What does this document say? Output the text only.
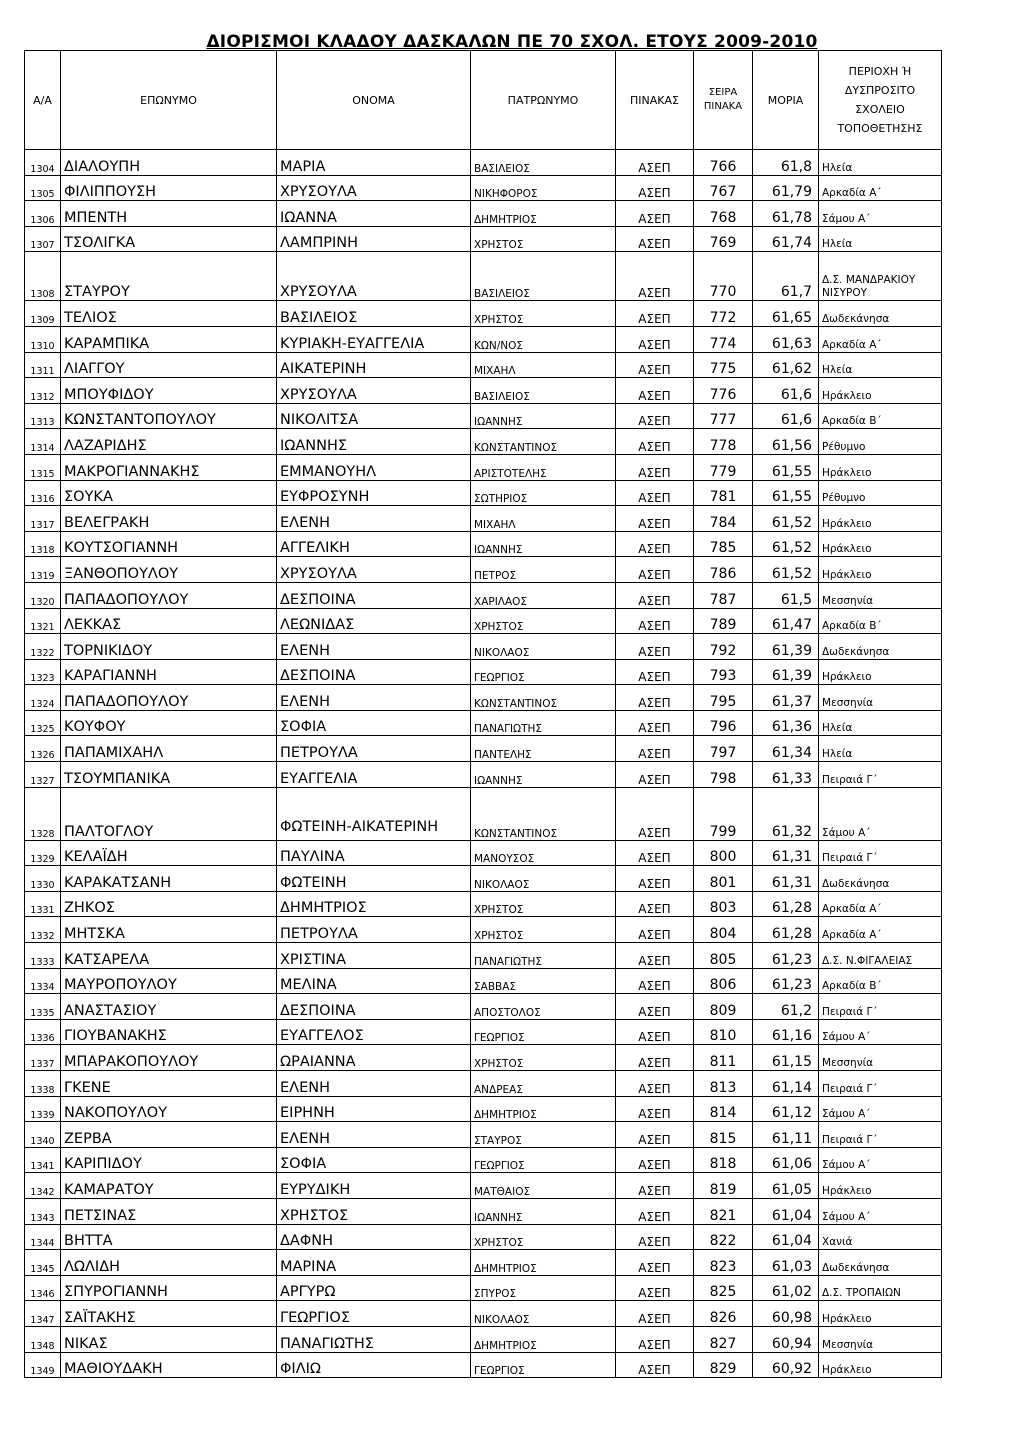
ΔΙΟΡΙΣΜΟΙ ΚΛΑΔΟΥ ΔΑΣΚΑΛΩΝ ΠΕ 70 ΣΧΟΛ. ΕΤΟΥΣ 2009-2010
Α/Α	ΕΠΩΝΥΜΟ	ΟΝΟΜΑ	ΠΑΤΡΩΝΥΜΟ	ΠΙΝΑΚΑΣ	ΣΕΙΡΑ ΠΙΝΑΚΑ	ΜΟΡΙΑ	ΠΕΡΙΟΧΗ Ή ΔΥΣΠΡΟΣΙΤΟ ΣΧΟΛΕΙΟ ΤΟΠΟΘΕΤΗΣΗΣ
1304	ΔΙΑΛΟΥΠΗ	ΜΑΡΙΑ	ΒΑΣΙΛΕΙΟΣ	ΑΣΕΠ	766	61,8	Ηλεία
1305	ΦΙΛΙΠΠΟΥΣΗ	ΧΡΥΣΟΥΛΑ	ΝΙΚΗΦΟΡΟΣ	ΑΣΕΠ	767	61,79	Αρκαδία Α΄
1306	ΜΠΕΝΤΗ	ΙΩΑΝΝΑ	ΔΗΜΗΤΡΙΟΣ	ΑΣΕΠ	768	61,78	Σάμου Α΄
1307	ΤΣΟΛΙΓΚΑ	ΛΑΜΠΡΙΝΗ	ΧΡΗΣΤΟΣ	ΑΣΕΠ	769	61,74	Ηλεία
1308	ΣΤΑΥΡΟΥ	ΧΡΥΣΟΥΛΑ	ΒΑΣΙΛΕΙΟΣ	ΑΣΕΠ	770	61,7	Δ.Σ. ΜΑΝΔΡΑΚΙΟΥ ΝΙΣΥΡΟΥ
1309	ΤΕΛΙΟΣ	ΒΑΣΙΛΕΙΟΣ	ΧΡΗΣΤΟΣ	ΑΣΕΠ	772	61,65	Δωδεκάνησα
1310	ΚΑΡΑΜΠΙΚΑ	ΚΥΡΙΑΚΗ-ΕΥΑΓΓΕΛΙΑ	ΚΩΝ/ΝΟΣ	ΑΣΕΠ	774	61,63	Αρκαδία Α΄
1311	ΛΙΑΓΓΟΥ	ΑΙΚΑΤΕΡΙΝΗ	ΜΙΧΑΗΛ	ΑΣΕΠ	775	61,62	Ηλεία
1312	ΜΠΟΥΦΙΔΟΥ	ΧΡΥΣΟΥΛΑ	ΒΑΣΙΛΕΙΟΣ	ΑΣΕΠ	776	61,6	Ηράκλειο
1313	ΚΩΝΣΤΑΝΤΟΠΟΥΛΟΥ	ΝΙΚΟΛΙΤΣΑ	ΙΩΑΝΝΗΣ	ΑΣΕΠ	777	61,6	Αρκαδία Β΄
1314	ΛΑΖΑΡΙΔΗΣ	ΙΩΑΝΝΗΣ	ΚΩΝΣΤΑΝΤΙΝΟΣ	ΑΣΕΠ	778	61,56	Ρέθυμνο
1315	ΜΑΚΡΟΓΙΑΝΝΑΚΗΣ	ΕΜΜΑΝΟΥΗΛ	ΑΡΙΣΤΟΤΕΛΗΣ	ΑΣΕΠ	779	61,55	Ηράκλειο
1316	ΣΟΥΚΑ	ΕΥΦΡΟΣΥΝΗ	ΣΩΤΗΡΙΟΣ	ΑΣΕΠ	781	61,55	Ρέθυμνο
1317	ΒΕΛΕΓΡΑΚΗ	ΕΛΕΝΗ	ΜΙΧΑΗΛ	ΑΣΕΠ	784	61,52	Ηράκλειο
1318	ΚΟΥΤΣΟΓΙΑΝΝΗ	ΑΓΓΕΛΙΚΗ	ΙΩΑΝΝΗΣ	ΑΣΕΠ	785	61,52	Ηράκλειο
1319	ΞΑΝΘΟΠΟΥΛΟΥ	ΧΡΥΣΟΥΛΑ	ΠΕΤΡΟΣ	ΑΣΕΠ	786	61,52	Ηράκλειο
1320	ΠΑΠΑΔΟΠΟΥΛΟΥ	ΔΕΣΠΟΙΝΑ	ΧΑΡΙΛΑΟΣ	ΑΣΕΠ	787	61,5	Μεσσηνία
1321	ΛΕΚΚΑΣ	ΛΕΩΝΙΔΑΣ	ΧΡΗΣΤΟΣ	ΑΣΕΠ	789	61,47	Αρκαδία Β΄
1322	ΤΟΡΝΙΚΙΔΟΥ	ΕΛΕΝΗ	ΝΙΚΟΛΑΟΣ	ΑΣΕΠ	792	61,39	Δωδεκάνησα
1323	ΚΑΡΑΓΙΑΝΝΗ	ΔΕΣΠΟΙΝΑ	ΓΕΩΡΓΙΟΣ	ΑΣΕΠ	793	61,39	Ηράκλειο
1324	ΠΑΠΑΔΟΠΟΥΛΟΥ	ΕΛΕΝΗ	ΚΩΝΣΤΑΝΤΙΝΟΣ	ΑΣΕΠ	795	61,37	Μεσσηνία
1325	ΚΟΥΦΟΥ	ΣΟΦΙΑ	ΠΑΝΑΓΙΩΤΗΣ	ΑΣΕΠ	796	61,36	Ηλεία
1326	ΠΑΠΑΜΙΧΑΗΛ	ΠΕΤΡΟΥΛΑ	ΠΑΝΤΕΛΗΣ	ΑΣΕΠ	797	61,34	Ηλεία
1327	ΤΣΟΥΜΠΑΝΙΚΑ	ΕΥΑΓΓΕΛΙΑ	ΙΩΑΝΝΗΣ	ΑΣΕΠ	798	61,33	Πειραιά Γ΄
1328	ΠΑΛΤΟΓΛΟΥ	ΦΩΤΕΙΝΗ-ΑΙΚΑΤΕΡΙΝΗ	ΚΩΝΣΤΑΝΤΙΝΟΣ	ΑΣΕΠ	799	61,32	Σάμου Α΄
1329	ΚΕΛΑΪΔΗ	ΠΑΥΛΙΝΑ	ΜΑΝΟΥΣΟΣ	ΑΣΕΠ	800	61,31	Πειραιά Γ΄
1330	ΚΑΡΑΚΑΤΣΑΝΗ	ΦΩΤΕΙΝΗ	ΝΙΚΟΛΑΟΣ	ΑΣΕΠ	801	61,31	Δωδεκάνησα
1331	ΖΗΚΟΣ	ΔΗΜΗΤΡΙΟΣ	ΧΡΗΣΤΟΣ	ΑΣΕΠ	803	61,28	Αρκαδία Α΄
1332	ΜΗΤΣΚΑ	ΠΕΤΡΟΥΛΑ	ΧΡΗΣΤΟΣ	ΑΣΕΠ	804	61,28	Αρκαδία Α΄
1333	ΚΑΤΣΑΡΕΛΑ	ΧΡΙΣΤΙΝΑ	ΠΑΝΑΓΙΩΤΗΣ	ΑΣΕΠ	805	61,23	Δ.Σ. Ν.ΦΙΓΑΛΕΙΑΣ
1334	ΜΑΥΡΟΠΟΥΛΟΥ	ΜΕΛΙΝΑ	ΣΑΒΒΑΣ	ΑΣΕΠ	806	61,23	Αρκαδία Β΄
1335	ΑΝΑΣΤΑΣΙΟΥ	ΔΕΣΠΟΙΝΑ	ΑΠΟΣΤΟΛΟΣ	ΑΣΕΠ	809	61,2	Πειραιά Γ΄
1336	ΓΙΟΥΒΑΝΑΚΗΣ	ΕΥΑΓΓΕΛΟΣ	ΓΕΩΡΓΙΟΣ	ΑΣΕΠ	810	61,16	Σάμου Α΄
1337	ΜΠΑΡΑΚΟΠΟΥΛΟΥ	ΩΡΑΙΑΝΝΑ	ΧΡΗΣΤΟΣ	ΑΣΕΠ	811	61,15	Μεσσηνία
1338	ΓΚΕΝΕ	ΕΛΕΝΗ	ΑΝΔΡΕΑΣ	ΑΣΕΠ	813	61,14	Πειραιά Γ΄
1339	ΝΑΚΟΠΟΥΛΟΥ	ΕΙΡΗΝΗ	ΔΗΜΗΤΡΙΟΣ	ΑΣΕΠ	814	61,12	Σάμου Α΄
1340	ΖΕΡΒΑ	ΕΛΕΝΗ	ΣΤΑΥΡΟΣ	ΑΣΕΠ	815	61,11	Πειραιά Γ΄
1341	ΚΑΡΙΠΙΔΟΥ	ΣΟΦΙΑ	ΓΕΩΡΓΙΟΣ	ΑΣΕΠ	818	61,06	Σάμου Α΄
1342	ΚΑΜΑΡΑΤΟΥ	ΕΥΡΥΔΙΚΗ	ΜΑΤΘΑΙΟΣ	ΑΣΕΠ	819	61,05	Ηράκλειο
1343	ΠΕΤΣΙΝΑΣ	ΧΡΗΣΤΟΣ	ΙΩΑΝΝΗΣ	ΑΣΕΠ	821	61,04	Σάμου Α΄
1344	ΒΗΤΤΑ	ΔΑΦΝΗ	ΧΡΗΣΤΟΣ	ΑΣΕΠ	822	61,04	Χανιά
1345	ΛΩΛΙΔΗ	ΜΑΡΙΝΑ	ΔΗΜΗΤΡΙΟΣ	ΑΣΕΠ	823	61,03	Δωδεκάνησα
1346	ΣΠΥΡΟΓΙΑΝΝΗ	ΑΡΓΥΡΩ	ΣΠΥΡΟΣ	ΑΣΕΠ	825	61,02	Δ.Σ. ΤΡΟΠΑΙΩΝ
1347	ΣΑΪΤΑΚΗΣ	ΓΕΩΡΓΙΟΣ	ΝΙΚΟΛΑΟΣ	ΑΣΕΠ	826	60,98	Ηράκλειο
1348	ΝΙΚΑΣ	ΠΑΝΑΓΙΩΤΗΣ	ΔΗΜΗΤΡΙΟΣ	ΑΣΕΠ	827	60,94	Μεσσηνία
1349	ΜΑΘΙΟΥΔΑΚΗ	ΦΙΛΙΩ	ΓΕΩΡΓΙΟΣ	ΑΣΕΠ	829	60,92	Ηράκλειο
